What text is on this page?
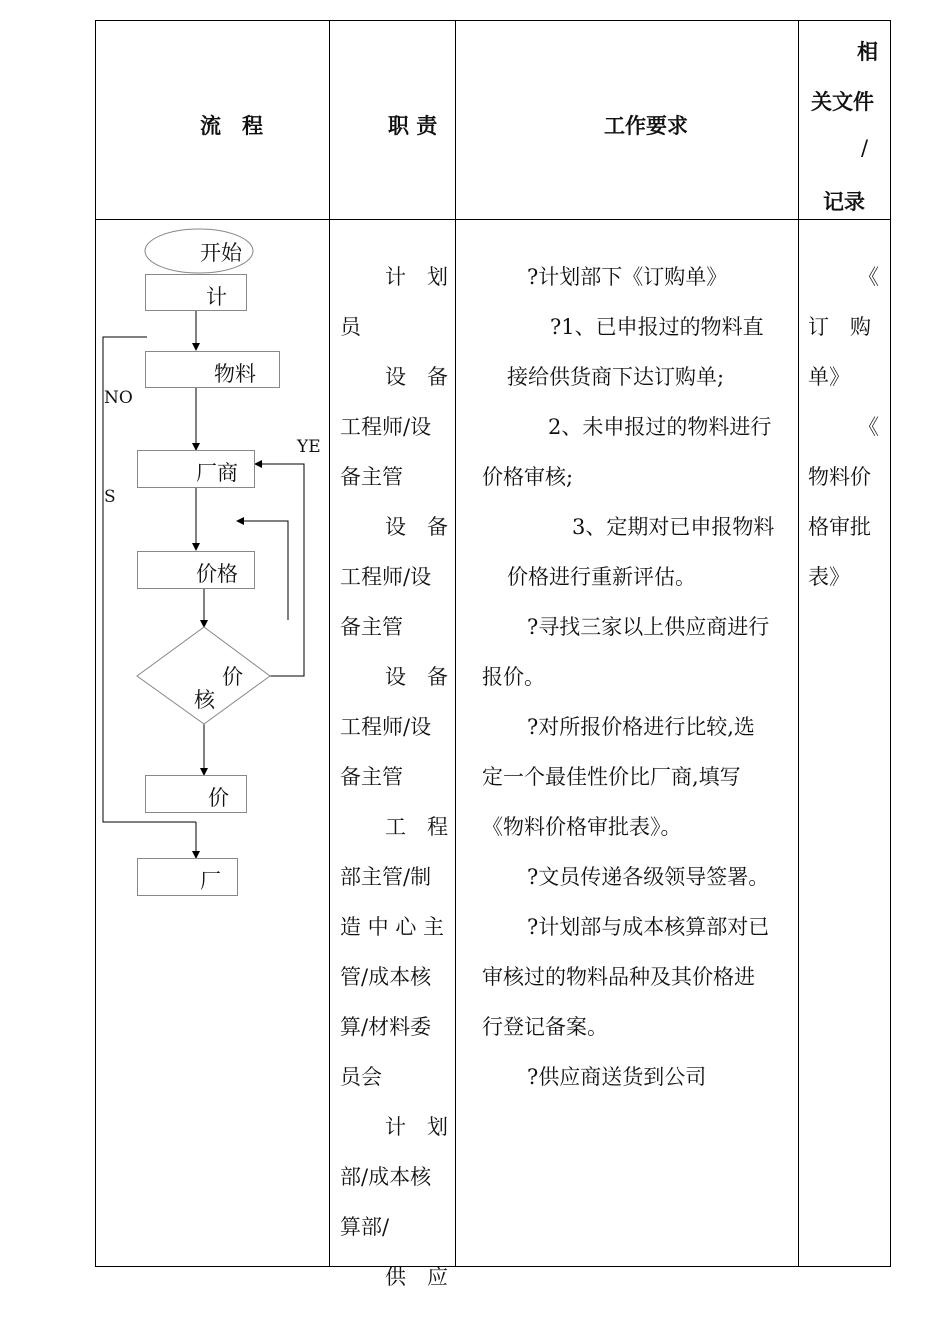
流　程	职 责	工作要求
相
关文件
/
记录
开始
计
物料
厂商
价格
价
核
价
厂
NO
S
YE
计　划
员
设　备
工程师/设
备主管
设　备
工程师/设
备主管
设　备
工程师/设
备主管
工　程
部主管/制
造 中 心 主
管/成本核
算/材料委
员会
计　划
部/成本核
算部/
供　应
?计划部下《订购单》
?1、已申报过的物料直
接给供货商下达订购单;
2、未申报过的物料进行
价格审核;
3、定期对已申报物料
价格进行重新评估。
?寻找三家以上供应商进行
报价。
?对所报价格进行比较,选
定一个最佳性价比厂商,填写
《物料价格审批表》。
?文员传递各级领导签署。
?计划部与成本核算部对已
审核过的物料品种及其价格进
行登记备案。
?供应商送货到公司
《
订　购
单》
《
物料价
格审批
表》
